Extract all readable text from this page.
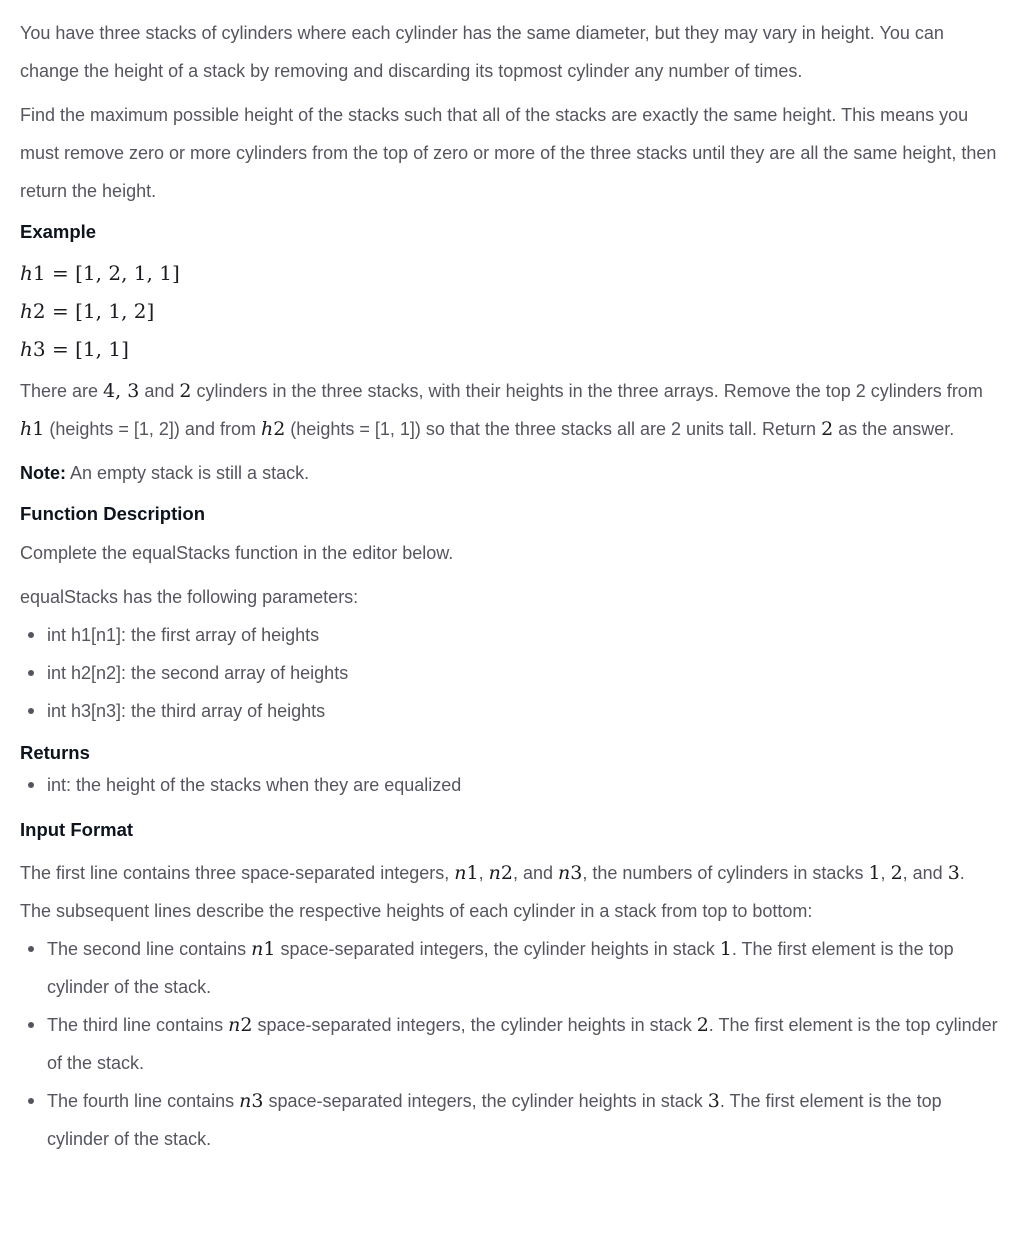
You have three stacks of cylinders where each cylinder has the same diameter, but they may vary in height. You can change the height of a stack by removing and discarding its topmost cylinder any number of times.

Find the maximum possible height of the stacks such that all of the stacks are exactly the same height. This means you must remove zero or more cylinders from the top of zero or more of the three stacks until they are all the same height, then return the height.

Example

h1 = [1, 2, 1, 1]

h2 = [1, 1, 2]

h3 = [1, 1]

There are 4, 3 and 2 cylinders in the three stacks, with their heights in the three arrays. Remove the top 2 cylinders from h1 (heights = [1, 2]) and from h2 (heights = [1, 1]) so that the three stacks all are 2 units tall. Return 2 as the answer.

Note: An empty stack is still a stack.

Function Description

Complete the equalStacks function in the editor below.

equalStacks has the following parameters:

int h1[n1]: the first array of heights
int h2[n2]: the second array of heights
int h3[n3]: the third array of heights
Returns
int: the height of the stacks when they are equalized
Input Format

The first line contains three space-separated integers, n1, n2, and n3, the numbers of cylinders in stacks 1, 2, and 3.

The subsequent lines describe the respective heights of each cylinder in a stack from top to bottom:

The second line contains n1 space-separated integers, the cylinder heights in stack 1. The first element is the top cylinder of the stack.
The third line contains n2 space-separated integers, the cylinder heights in stack 2. The first element is the top cylinder of the stack.
The fourth line contains n3 space-separated integers, the cylinder heights in stack 3. The first element is the top cylinder of the stack.
